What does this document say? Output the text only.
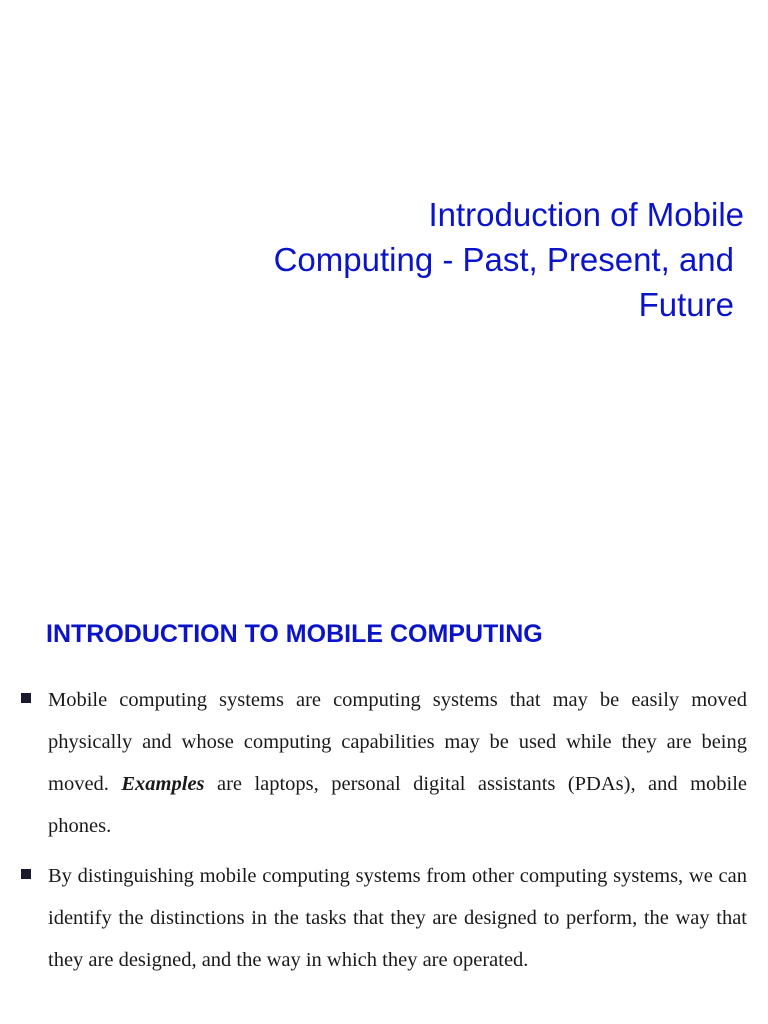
Introduction of Mobile
Computing - Past, Present, and
Future
INTRODUCTION TO MOBILE COMPUTING
Mobile computing systems are computing systems that may be easily moved physically and whose computing capabilities may be used while they are being moved. Examples are laptops, personal digital assistants (PDAs), and mobile phones.
By distinguishing mobile computing systems from other computing systems, we can identify the distinctions in the tasks that they are designed to perform, the way that they are designed, and the way in which they are operated.
